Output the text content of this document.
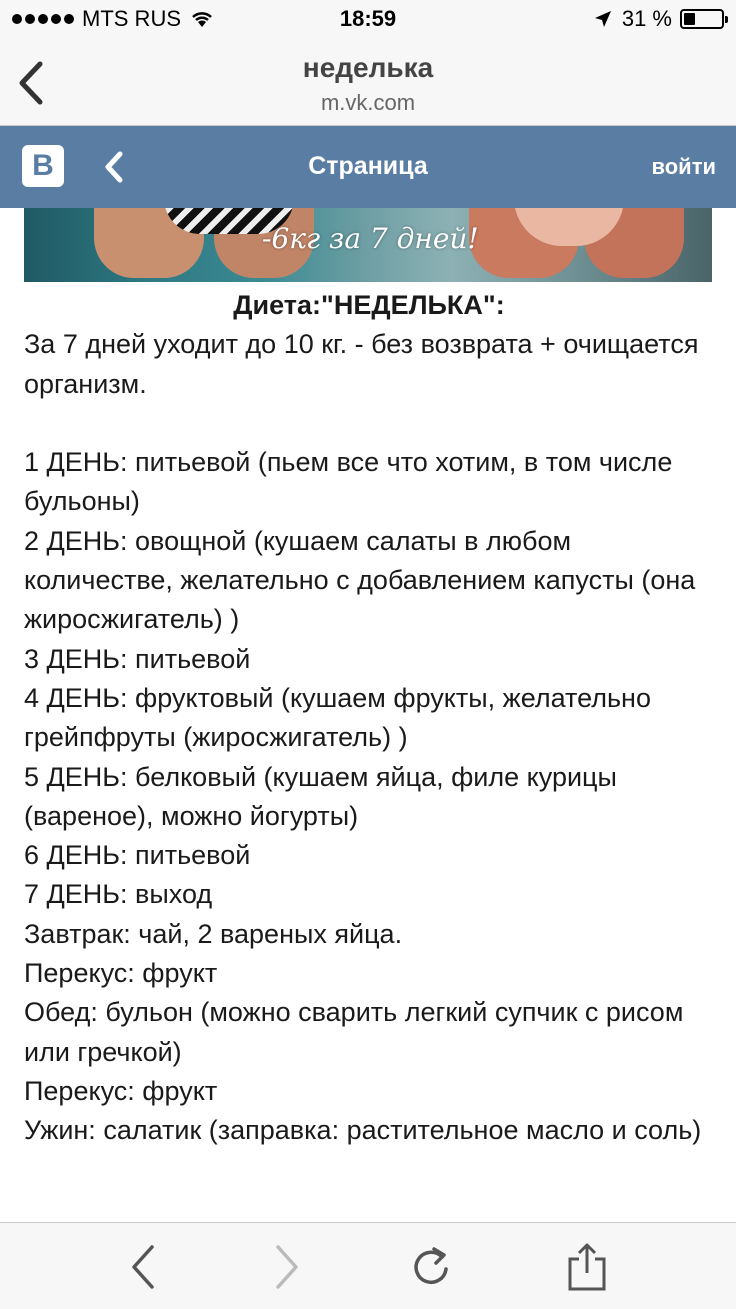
MTS RUS	18:59	31 %
неделька
m.vk.com
B	Страница	войти
-6кг за 7 дней!

Диета:"НЕДЕЛЬКА":

За 7 дней уходит до 10 кг. - без возврата + очищается организм.

1 ДЕНЬ: питьевой (пьем все что хотим, в том числе бульоны)

2 ДЕНЬ: овощной (кушаем салаты в любом количестве, желательно с добавлением капусты (она жиросжигатель) )

3 ДЕНЬ: питьевой

4 ДЕНЬ: фруктовый (кушаем фрукты, желательно грейпфруты (жиросжигатель) )

5 ДЕНЬ: белковый (кушаем яйца, филе курицы (вареное), можно йогурты)

6 ДЕНЬ: питьевой

7 ДЕНЬ: выход

Завтрак: чай, 2 вареных яйца.

Перекус: фрукт

Обед: бульон (можно сварить легкий супчик с рисом или гречкой)

Перекус: фрукт

Ужин: салатик (заправка: растительное масло и соль)
